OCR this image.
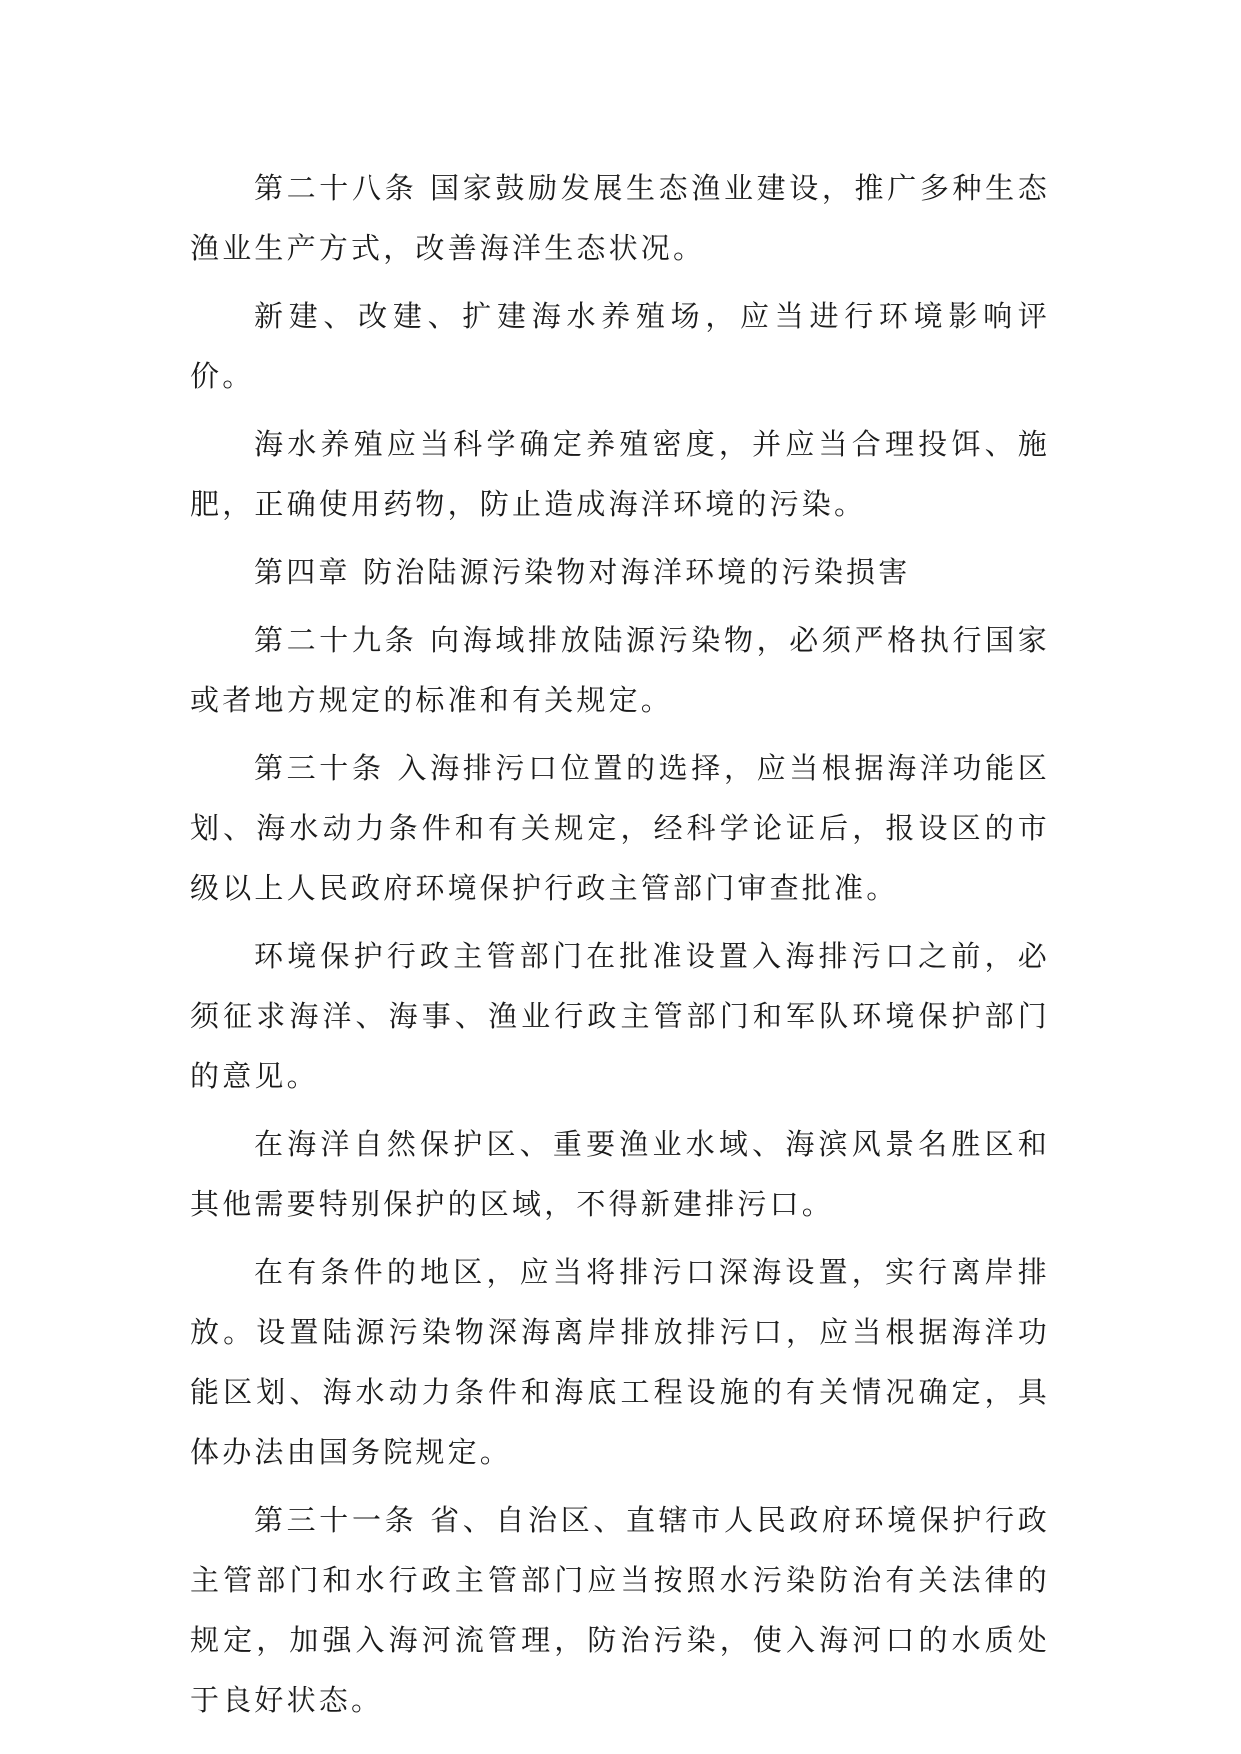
第二十八条 国家鼓励发展生态渔业建设，推广多种生态渔业生产方式，改善海洋生态状况。

新建、改建、扩建海水养殖场，应当进行环境影响评价。

海水养殖应当科学确定养殖密度，并应当合理投饵、施肥，正确使用药物，防止造成海洋环境的污染。

第四章 防治陆源污染物对海洋环境的污染损害

第二十九条 向海域排放陆源污染物，必须严格执行国家或者地方规定的标准和有关规定。

第三十条 入海排污口位置的选择，应当根据海洋功能区划、海水动力条件和有关规定，经科学论证后，报设区的市级以上人民政府环境保护行政主管部门审查批准。

环境保护行政主管部门在批准设置入海排污口之前，必须征求海洋、海事、渔业行政主管部门和军队环境保护部门的意见。

在海洋自然保护区、重要渔业水域、海滨风景名胜区和其他需要特别保护的区域，不得新建排污口。

在有条件的地区，应当将排污口深海设置，实行离岸排放。设置陆源污染物深海离岸排放排污口，应当根据海洋功能区划、海水动力条件和海底工程设施的有关情况确定，具体办法由国务院规定。

第三十一条 省、自治区、直辖市人民政府环境保护行政主管部门和水行政主管部门应当按照水污染防治有关法律的规定，加强入海河流管理，防治污染，使入海河口的水质处于良好状态。
